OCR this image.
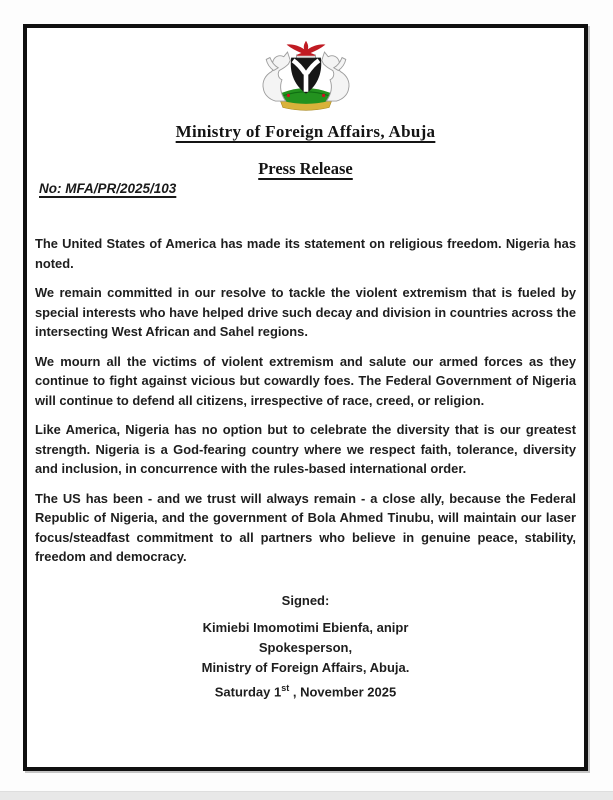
Ministry of Foreign Affairs, Abuja
Press Release
No: MFA/PR/2025/103

The United States of America has made its statement on religious freedom. Nigeria has noted.

We remain committed in our resolve to tackle the violent extremism that is fueled by special interests who have helped drive such decay and division in countries across the intersecting West African and Sahel regions.

We mourn all the victims of violent extremism and salute our armed forces as they continue to fight against vicious but cowardly foes. The Federal Government of Nigeria will continue to defend all citizens, irrespective of race, creed, or religion.

Like America, Nigeria has no option but to celebrate the diversity that is our greatest strength. Nigeria is a God-fearing country where we respect faith, tolerance, diversity and inclusion, in concurrence with the rules-based international order.

The US has been - and we trust will always remain - a close ally, because the Federal Republic of Nigeria, and the government of Bola Ahmed Tinubu, will maintain our laser focus/steadfast commitment to all partners who believe in genuine peace, stability, freedom and democracy.

Signed:
Kimiebi Imomotimi Ebienfa, anipr
Spokesperson,
Ministry of Foreign Affairs, Abuja.
Saturday 1st , November 2025
